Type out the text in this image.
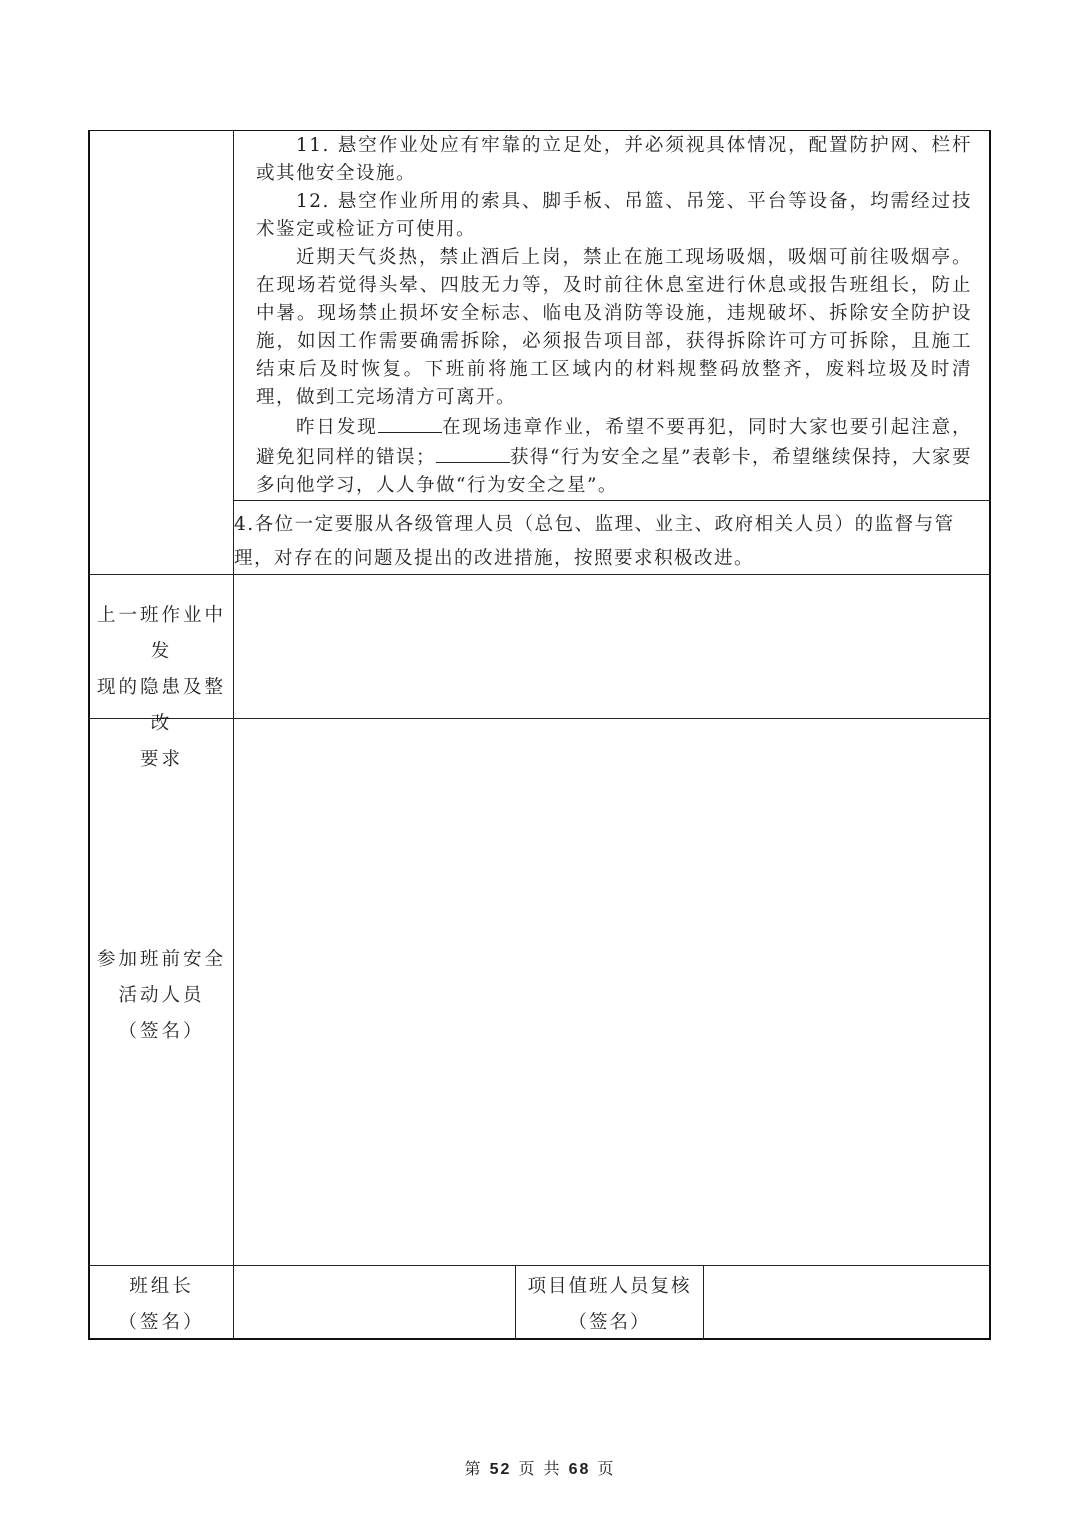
11. 悬空作业处应有牢靠的立足处，并必须视具体情况，配置防护网、栏杆或其他安全设施。

12. 悬空作业所用的索具、脚手板、吊篮、吊笼、平台等设备，均需经过技术鉴定或检证方可使用。

近期天气炎热，禁止酒后上岗，禁止在施工现场吸烟，吸烟可前往吸烟亭。在现场若觉得头晕、四肢无力等，及时前往休息室进行休息或报告班组长，防止中暑。现场禁止损坏安全标志、临电及消防等设施，违规破坏、拆除安全防护设施，如因工作需要确需拆除，必须报告项目部，获得拆除许可方可拆除，且施工结束后及时恢复。下班前将施工区域内的材料规整码放整齐，废料垃圾及时清理，做到工完场清方可离开。

昨日发现	在现场违章作业，希望不要再犯，同时大家也要引起注意，避免犯同样的错误；	获得“行为安全之星”表彰卡，希望继续保持，大家要多向他学习，人人争做“行为安全之星”。

4.各位一定要服从各级管理人员（总包、监理、业主、政府相关人员）的监督与管理，对存在的问题及提出的改进措施，按照要求积极改进。

上一班作业中发
现的隐患及整改
要求
参加班前安全
活动人员
（签名）
班组长
（签名）
项目值班人员复核
（签名）
第 52 页 共 68 页
